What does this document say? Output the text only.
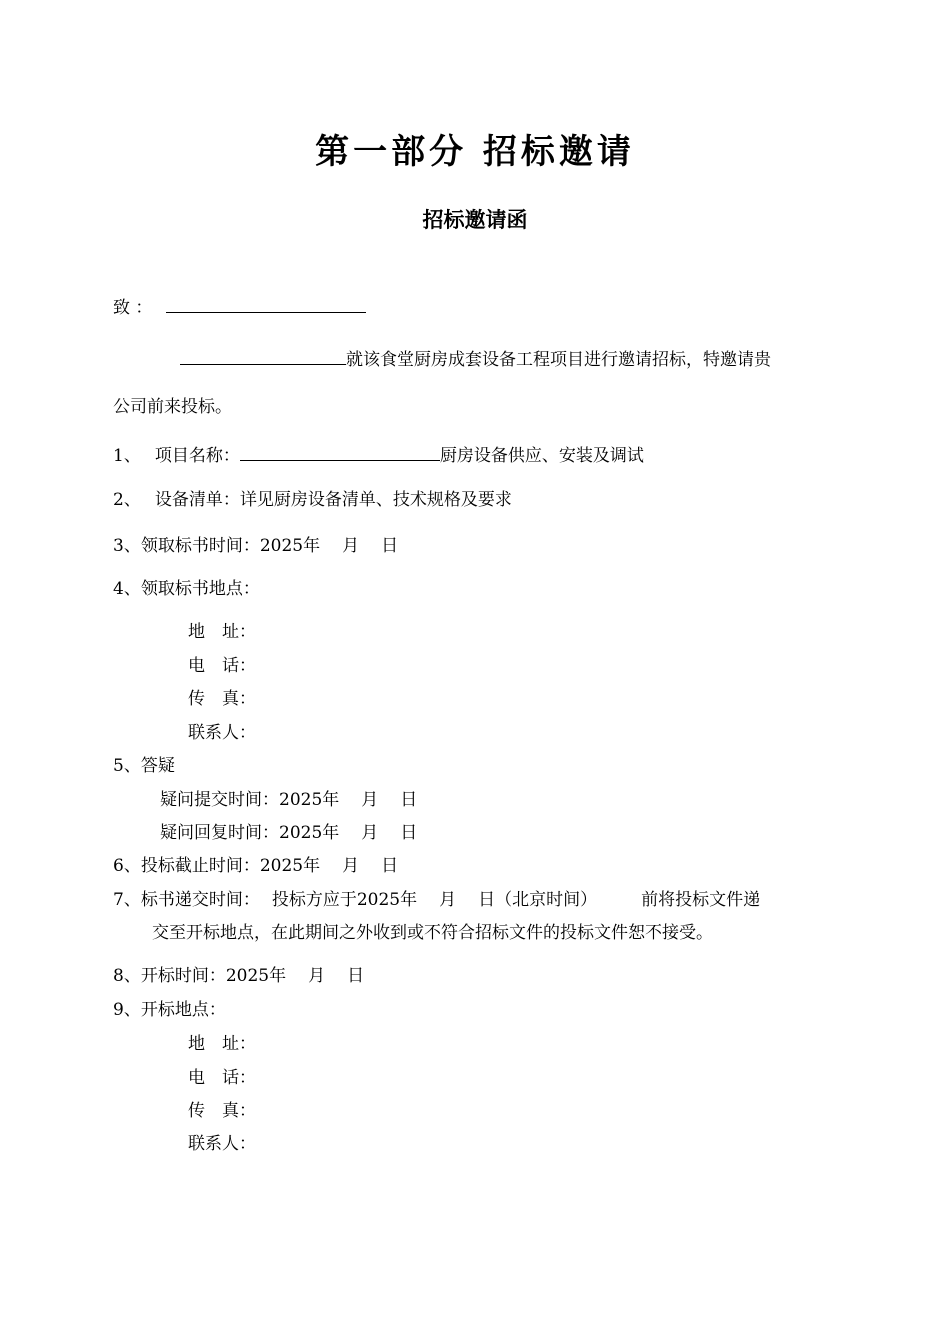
第一部分 招标邀请
招标邀请函
致 ：
就该食堂厨房成套设备工程项目进行邀请招标，特邀请贵
公司前来投标。
1、 项目名称：	厨房设备供应、安装及调试
2、 设备清单：详见厨房设备清单、技术规格及要求
3、领取标书时间：2025年 月 日
4、领取标书地点：
地　址：
电　话：
传　真：
联系人：
5、答疑
疑问提交时间：2025年 月 日
疑问回复时间：2025年 月 日
6、投标截止时间：2025年 月 日
7、标书递交时间： 投标方应于2025年 月 日（北京时间）	前将投标文件递
交至开标地点，在此期间之外收到或不符合招标文件的投标文件恕不接受。
8、开标时间：2025年 月 日
9、开标地点：
地　址：
电　话：
传　真：
联系人：
